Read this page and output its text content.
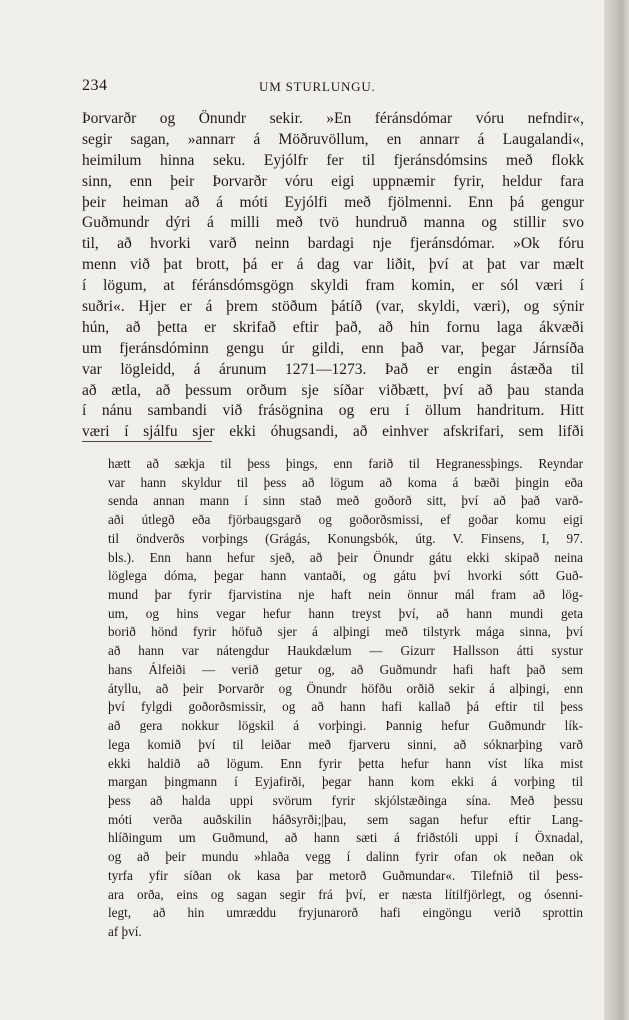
234	UM STURLUNGU.
Þorvarðr og Önundr sekir. »En féránsdómar vóru nefndir«,
segir sagan, »annarr á Möðruvöllum, en annarr á Laugalandi«,
heimilum hinna seku. Eyjólfr fer til fjeránsdómsins með flokk
sinn, enn þeir Þorvarðr vóru eigi uppnæmir fyrir, heldur fara
þeir heiman að á móti Eyjólfi með fjölmenni. Enn þá gengur
Guðmundr dýri á milli með tvö hundruð manna og stillir svo
til, að hvorki varð neinn bardagi nje fjeránsdómar. »Ok fóru
menn við þat brott, þá er á dag var liðit, því at þat var mælt
í lögum, at féránsdómsgögn skyldi fram komin, er sól væri í
suðri«. Hjer er á þrem stöðum þátíð (var, skyldi, væri), og sýnir
hún, að þetta er skrifað eftir það, að hin fornu laga ákvæði
um fjeránsdóminn gengu úr gildi, enn það var, þegar Járnsíða
var lögleidd, á árunum 1271—1273. Það er engin ástæða til
að ætla, að þessum orðum sje síðar viðbætt, því að þau standa
í nánu sambandi við frásögnina og eru í öllum handritum. Hitt
væri í sjálfu sjer ekki óhugsandi, að einhver afskrifari, sem lifði
hætt að sækja til þess þings, enn farið til Hegranessþings. Reyndar
var hann skyldur til þess að lögum að koma á bæði þingin eða
senda annan mann í sinn stað með goðorð sitt, því að það varð-
aði útlegð eða fjörbaugsgarð og goðorðsmissi, ef goðar komu eigi
til öndverðs vorþings (Grágás, Konungsbók, útg. V. Finsens, I, 97.
bls.). Enn hann hefur sjeð, að þeir Önundr gátu ekki skipað neina
löglega dóma, þegar hann vantaði, og gátu því hvorki sótt Guð-
mund þar fyrir fjarvistina nje haft nein önnur mál fram að lög-
um, og hins vegar hefur hann treyst því, að hann mundi geta
borið hönd fyrir höfuð sjer á alþingi með tilstyrk mága sinna, því
að hann var nátengdur Haukdælum — Gizurr Hallsson átti systur
hans Álfeiði — verið getur og, að Guðmundr hafi haft það sem
átyllu, að þeir Þorvarðr og Önundr höfðu orðið sekir á alþingi, enn
því fylgdi goðorðsmissir, og að hann hafi kallað þá eftir til þess
að gera nokkur lögskil á vorþingi. Þannig hefur Guðmundr lík-
lega komið því til leiðar með fjarveru sinni, að sóknarþing varð
ekki haldið að lögum. Enn fyrir þetta hefur hann víst líka mist
margan þingmann í Eyjafirði, þegar hann kom ekki á vorþing til
þess að halda uppi svörum fyrir skjólstæðinga sína. Með þessu
móti verða auðskilin háðsyrði;|þau, sem sagan hefur eftir Lang-
hlíðingum um Guðmund, að hann sæti á friðstóli uppi í Öxnadal,
og að þeir mundu »hlaða vegg í dalinn fyrir ofan ok neðan ok
tyrfa yfir síðan ok kasa þar metorð Guðmundar«. Tilefnið til þess-
ara orða, eins og sagan segir frá því, er næsta lítilfjörlegt, og ósenni-
legt, að hin umræddu fryjunarorð hafi eingöngu verið sprottin
af því.
